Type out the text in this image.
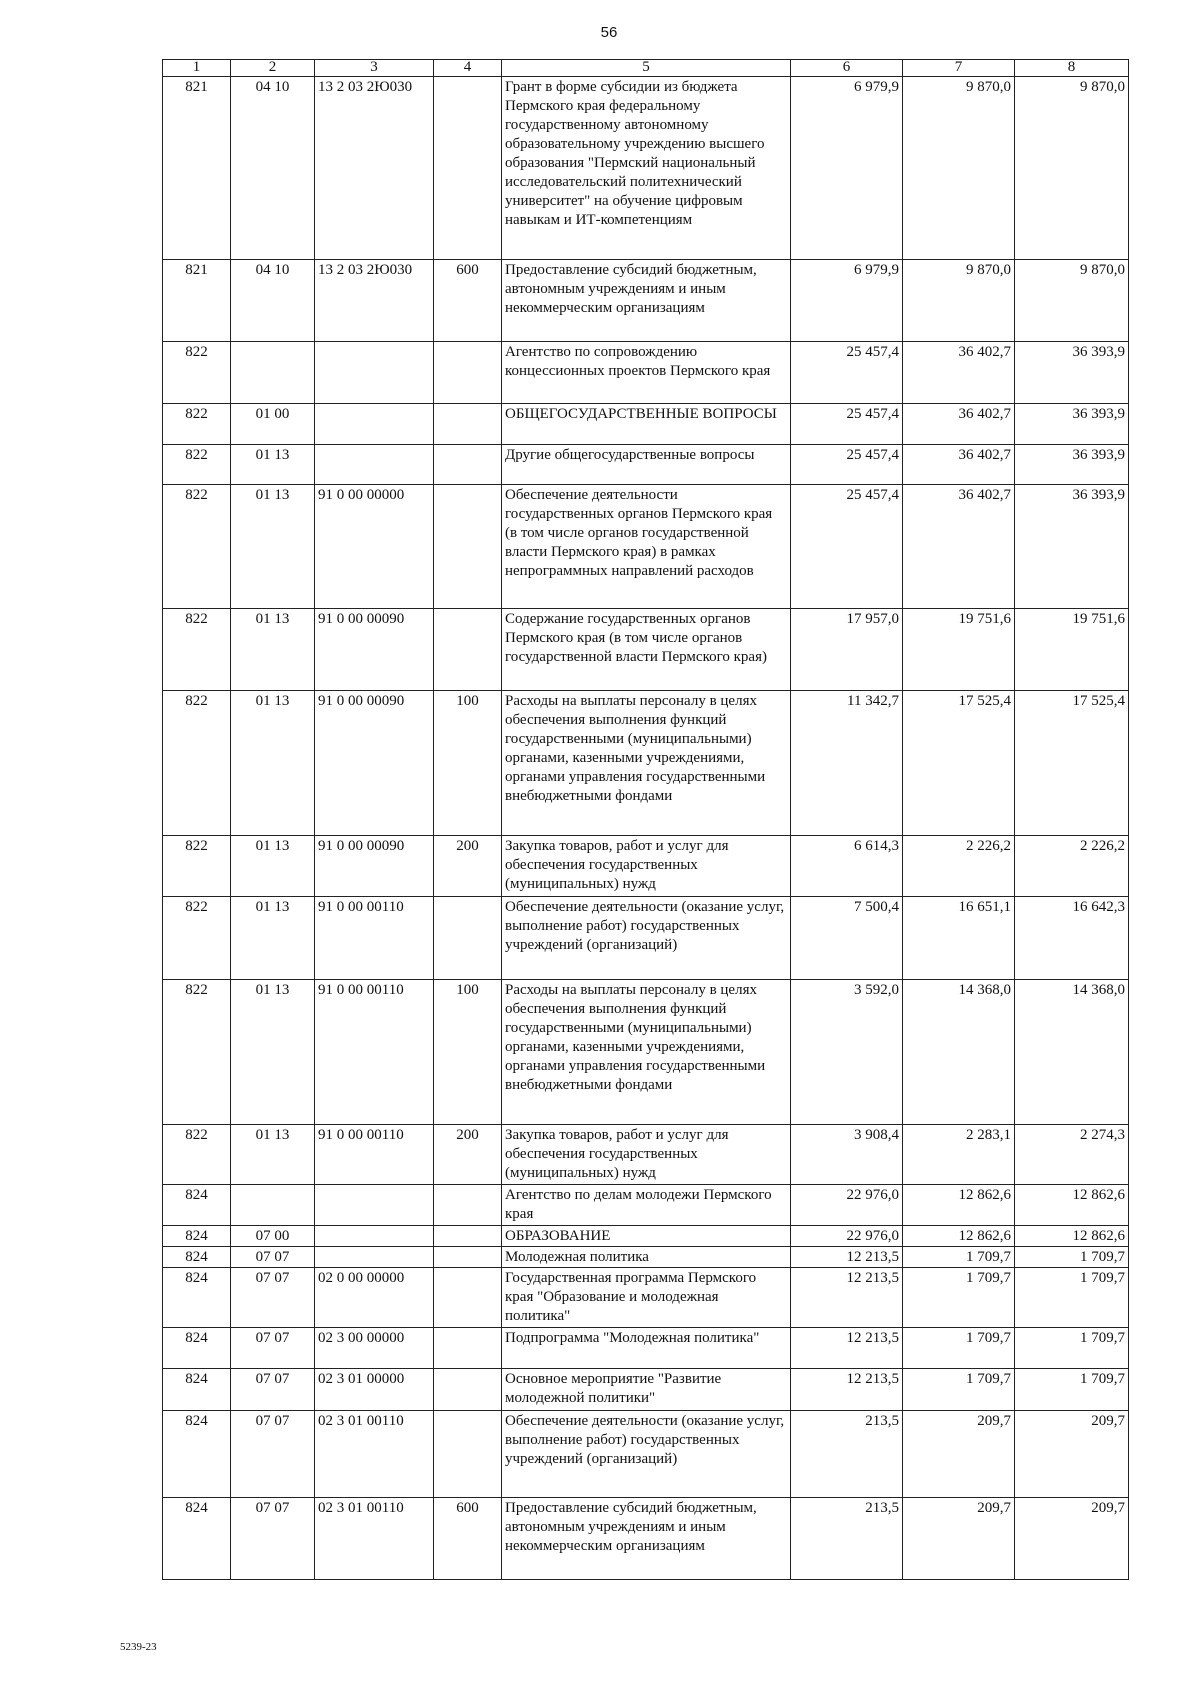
56
1	2	3	4	5	6	7	8
821	04 10	13 2 03 2Ю030		Грант в форме субсидии из бюджета Пермского края федеральному государственному автономному образовательному учреждению высшего образования "Пермский национальный исследовательский политехнический университет" на обучение цифровым навыкам и ИТ-компетенциям	6 979,9	9 870,0	9 870,0
821	04 10	13 2 03 2Ю030	600	Предоставление субсидий бюджетным, автономным учреждениям и иным некоммерческим организациям	6 979,9	9 870,0	9 870,0
822				Агентство по сопровождению концессионных проектов Пермского края	25 457,4	36 402,7	36 393,9
822	01 00			ОБЩЕГОСУДАРСТВЕННЫЕ ВОПРОСЫ	25 457,4	36 402,7	36 393,9
822	01 13			Другие общегосударственные вопросы	25 457,4	36 402,7	36 393,9
822	01 13	91 0 00 00000		Обеспечение деятельности государственных органов Пермского края (в том числе органов государственной власти Пермского края) в рамках непрограммных направлений расходов	25 457,4	36 402,7	36 393,9
822	01 13	91 0 00 00090		Содержание государственных органов Пермского края (в том числе органов государственной власти Пермского края)	17 957,0	19 751,6	19 751,6
822	01 13	91 0 00 00090	100	Расходы на выплаты персоналу в целях обеспечения выполнения функций государственными (муниципальными) органами, казенными учреждениями, органами управления государственными внебюджетными фондами	11 342,7	17 525,4	17 525,4
822	01 13	91 0 00 00090	200	Закупка товаров, работ и услуг для обеспечения государственных (муниципальных) нужд	6 614,3	2 226,2	2 226,2
822	01 13	91 0 00 00110		Обеспечение деятельности (оказание услуг, выполнение работ) государственных учреждений (организаций)	7 500,4	16 651,1	16 642,3
822	01 13	91 0 00 00110	100	Расходы на выплаты персоналу в целях обеспечения выполнения функций государственными (муниципальными) органами, казенными учреждениями, органами управления государственными внебюджетными фондами	3 592,0	14 368,0	14 368,0
822	01 13	91 0 00 00110	200	Закупка товаров, работ и услуг для обеспечения государственных (муниципальных) нужд	3 908,4	2 283,1	2 274,3
824				Агентство по делам молодежи Пермского края	22 976,0	12 862,6	12 862,6
824	07 00			ОБРАЗОВАНИЕ	22 976,0	12 862,6	12 862,6
824	07 07			Молодежная политика	12 213,5	1 709,7	1 709,7
824	07 07	02 0 00 00000		Государственная программа Пермского края "Образование и молодежная политика"	12 213,5	1 709,7	1 709,7
824	07 07	02 3 00 00000		Подпрограмма "Молодежная политика"	12 213,5	1 709,7	1 709,7
824	07 07	02 3 01 00000		Основное мероприятие "Развитие молодежной политики"	12 213,5	1 709,7	1 709,7
824	07 07	02 3 01 00110		Обеспечение деятельности (оказание услуг, выполнение работ) государственных учреждений (организаций)	213,5	209,7	209,7
824	07 07	02 3 01 00110	600	Предоставление субсидий бюджетным, автономным учреждениям и иным некоммерческим организациям	213,5	209,7	209,7
5239-23
